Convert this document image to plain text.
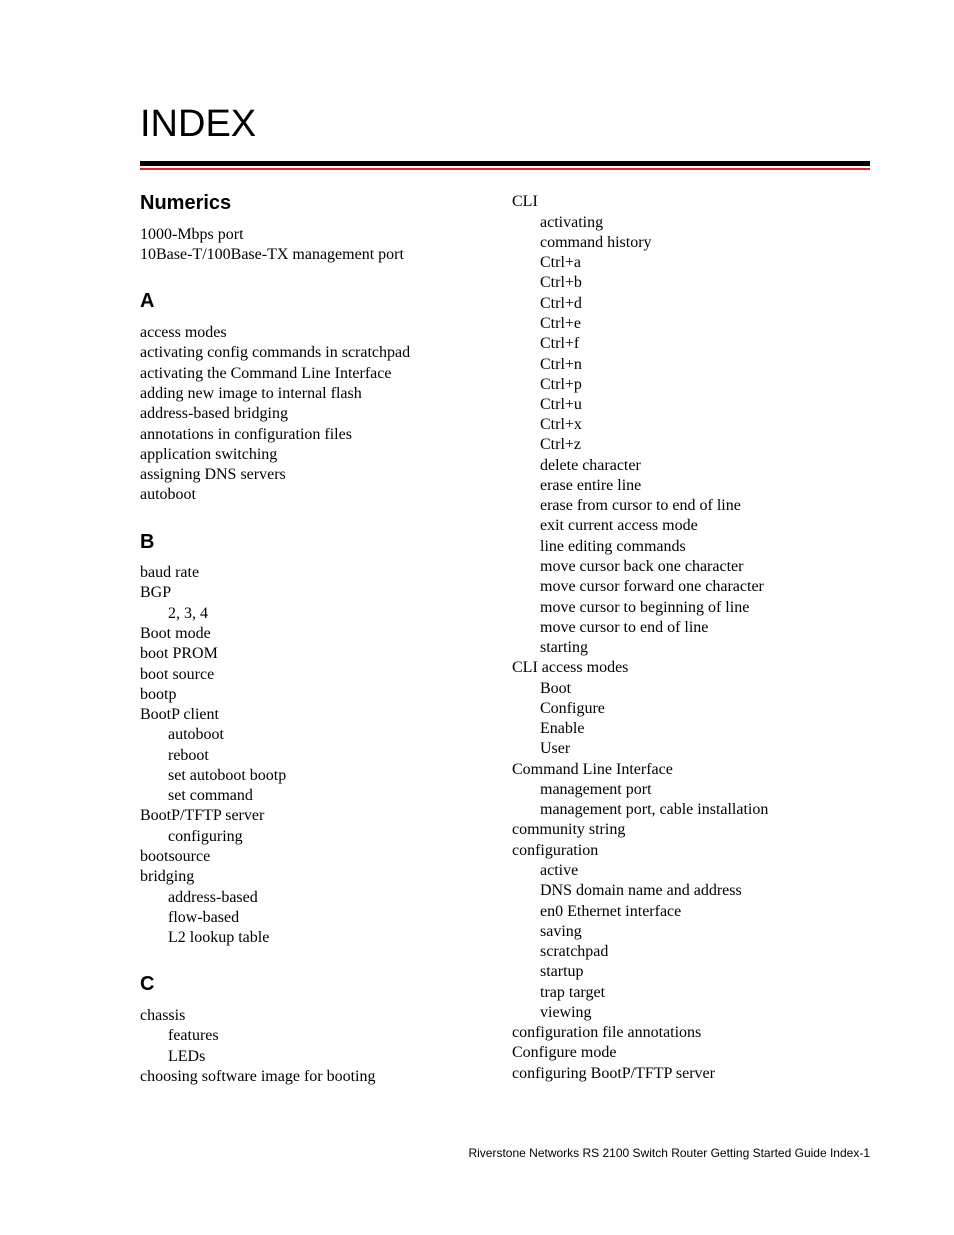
INDEX
Numerics
1000-Mbps port
10Base-T/100Base-TX management port
A
access modes
activating config commands in scratchpad
activating the Command Line Interface
adding new image to internal flash
address-based bridging
annotations in configuration files
application switching
assigning DNS servers
autoboot
B
baud rate
BGP
2, 3, 4
Boot mode
boot PROM
boot source
bootp
BootP client
autoboot
reboot
set autoboot bootp
set command
BootP/TFTP server
configuring
bootsource
bridging
address-based
flow-based
L2 lookup table
C
chassis
features
LEDs
choosing software image for booting
CLI
activating
command history
Ctrl+a
Ctrl+b
Ctrl+d
Ctrl+e
Ctrl+f
Ctrl+n
Ctrl+p
Ctrl+u
Ctrl+x
Ctrl+z
delete character
erase entire line
erase from cursor to end of line
exit current access mode
line editing commands
move cursor back one character
move cursor forward one character
move cursor to beginning of line
move cursor to end of line
starting
CLI access modes
Boot
Configure
Enable
User
Command Line Interface
management port
management port, cable installation
community string
configuration
active
DNS domain name and address
en0 Ethernet interface
saving
scratchpad
startup
trap target
viewing
configuration file annotations
Configure mode
configuring BootP/TFTP server
Riverstone Networks RS 2100 Switch Router Getting Started Guide Index-1
